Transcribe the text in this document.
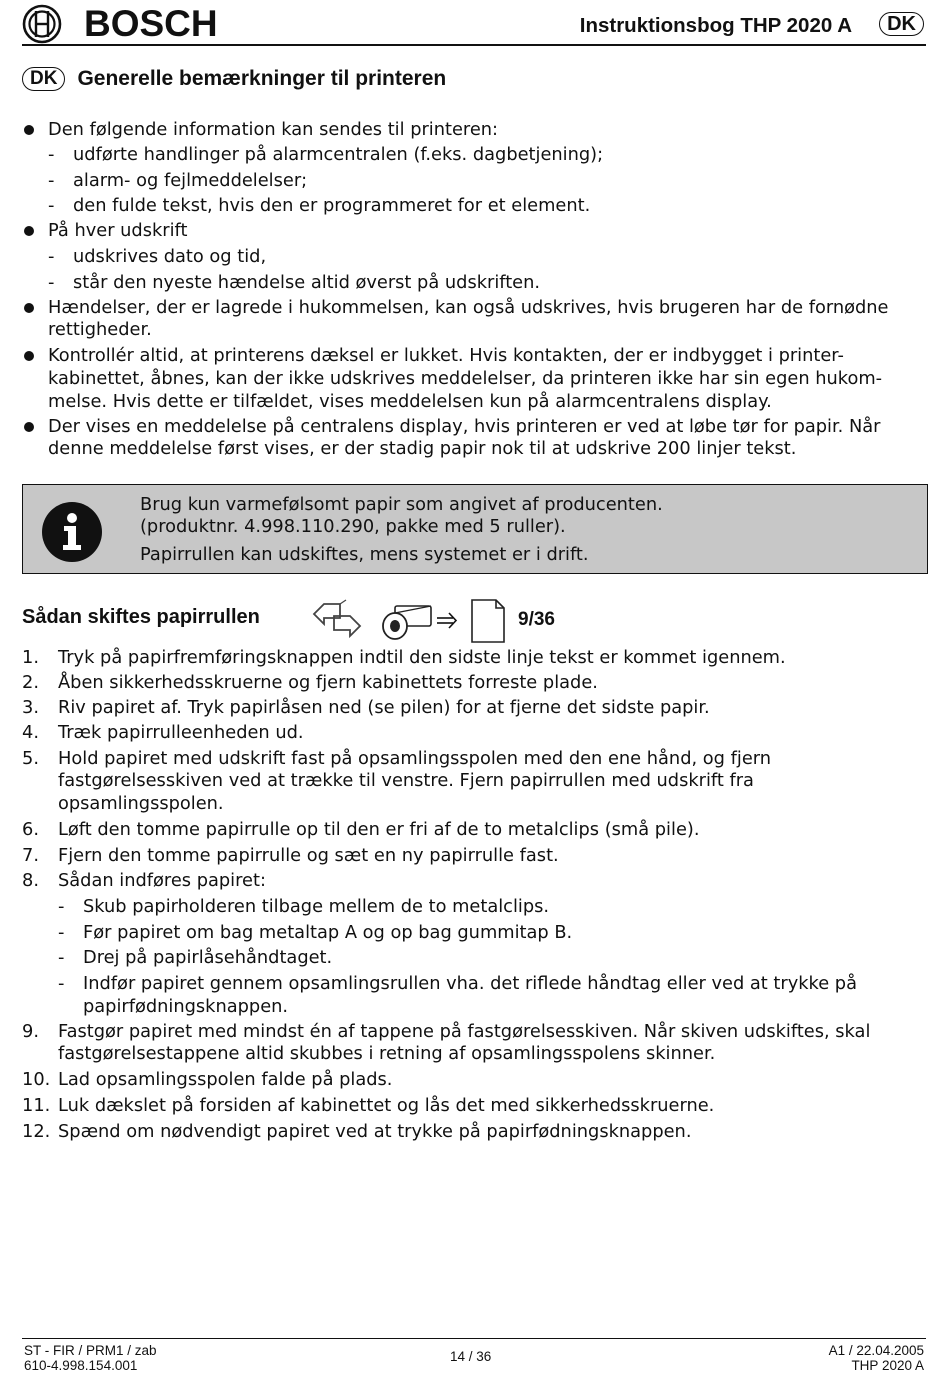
BOSCH	Instruktionsbog THP 2020 A	DK
DK Generelle bemærkninger til printeren
Den følgende information kan sendes til printeren:
- udførte handlinger på alarmcentralen (f.eks. dagbetjening);
- alarm- og fejlmeddelelser;
- den fulde tekst, hvis den er programmeret for et element.
På hver udskrift
- udskrives dato og tid,
- står den nyeste hændelse altid øverst på udskriften.
Hændelser, der er lagrede i hukommelsen, kan også udskrives, hvis brugeren har de fornødne
rettigheder.
Kontrollér altid, at printerens dæksel er lukket. Hvis kontakten, der er indbygget i printer-
kabinettet, åbnes, kan der ikke udskrives meddelelser, da printeren ikke har sin egen hukom-
melse. Hvis dette er tilfældet, vises meddelelsen kun på alarmcentralens display.
Der vises en meddelelse på centralens display, hvis printeren er ved at løbe tør for papir. Når
denne meddelelse først vises, er der stadig papir nok til at udskrive 200 linjer tekst.
Brug kun varmefølsomt papir som angivet af producenten.
(produktnr. 4.998.110.290, pakke med 5 ruller).
Papirrullen kan udskiftes, mens systemet er i drift.
Sådan skiftes papirrullen	9/36
1. Tryk på papirfremføringsknappen indtil den sidste linje tekst er kommet igennem.
2. Åben sikkerhedsskruerne og fjern kabinettets forreste plade.
3. Riv papiret af. Tryk papirlåsen ned (se pilen) for at fjerne det sidste papir.
4. Træk papirrulleenheden ud.
5. Hold papiret med udskrift fast på opsamlingsspolen med den ene hånd, og fjern
fastgørelsesskiven ved at trække til venstre. Fjern papirrullen med udskrift fra
opsamlingsspolen.
6. Løft den tomme papirrulle op til den er fri af de to metalclips (små pile).
7. Fjern den tomme papirrulle og sæt en ny papirrulle fast.
8. Sådan indføres papiret:
- Skub papirholderen tilbage mellem de to metalclips.
- Før papiret om bag metaltap A og op bag gummitap B.
- Drej på papirlåsehåndtaget.
- Indfør papiret gennem opsamlingsrullen vha. det riflede håndtag eller ved at trykke på
papirfødningsknappen.
9. Fastgør papiret med mindst én af tappene på fastgørelsesskiven. Når skiven udskiftes, skal
fastgørelsestappene altid skubbes i retning af opsamlingsspolens skinner.
10. Lad opsamlingsspolen falde på plads.
11. Luk dækslet på forsiden af kabinettet og lås det med sikkerhedsskruerne.
12. Spænd om nødvendigt papiret ved at trykke på papirfødningsknappen.
ST - FIR / PRM1 / zab
610-4.998.154.001
14 / 36	A1 / 22.04.2005
THP 2020 A
